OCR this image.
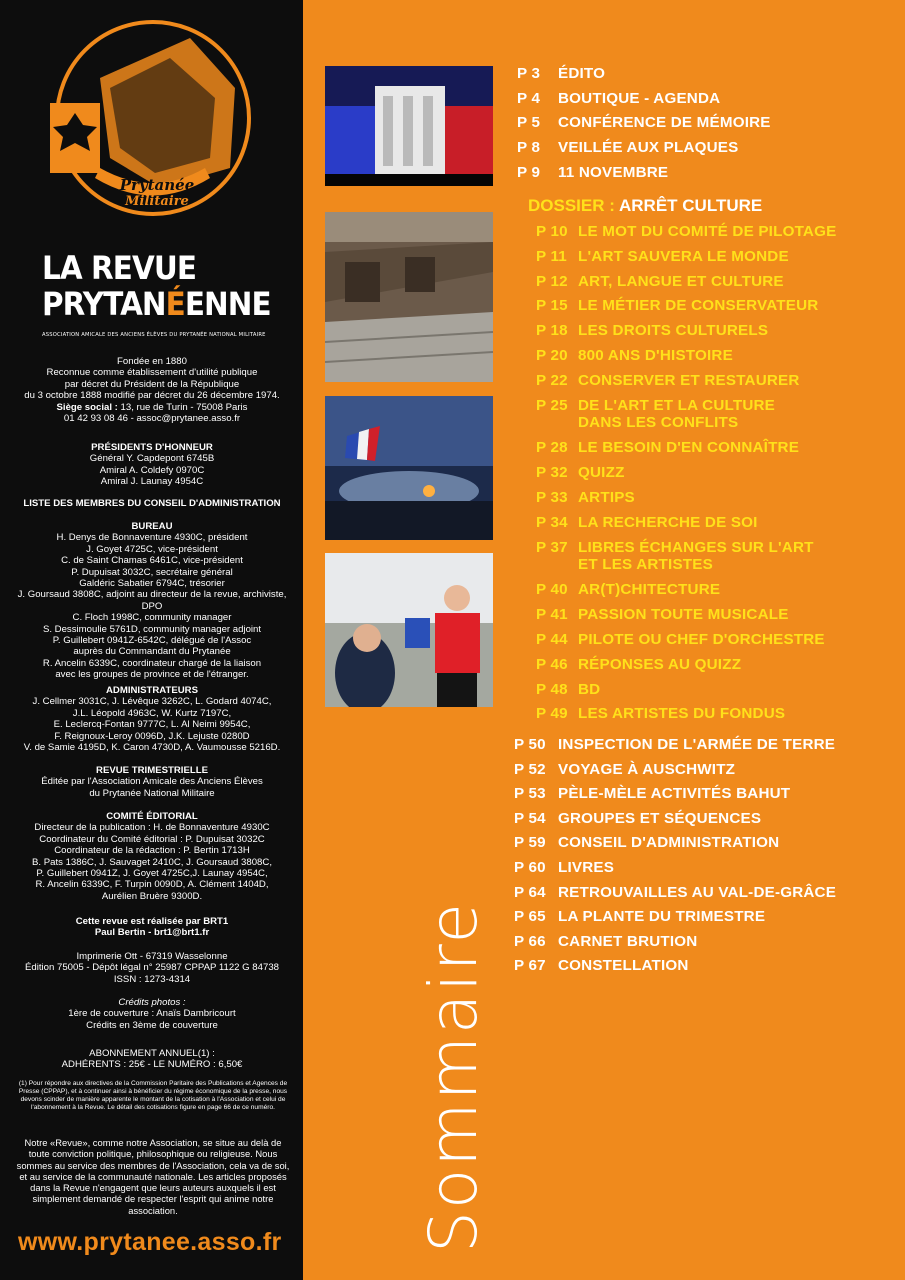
Prytanée
Militaire
LA REVUE
PRYTANÉENNE
ASSOCIATION AMICALE DES ANCIENS ÉLÈVES DU PRYTANÉE NATIONAL MILITAIRE

Fondée en 1880

Reconnue comme établissement d'utilité publique

par décret du Président de la République

du 3 octobre 1888 modifié par décret du 26 décembre 1974.

Siège social : 13, rue de Turin - 75008 Paris

01 42 93 08 46 - assoc@prytanee.asso.fr

PRÉSIDENTS D'HONNEUR

Général Y. Capdepont 6745B

Amiral A. Coldefy 0970C

Amiral J. Launay 4954C

LISTE DES MEMBRES DU CONSEIL D'ADMINISTRATION

BUREAU

H. Denys de Bonnaventure 4930C, président

J. Goyet 4725C, vice-président

C. de Saint Chamas 6461C, vice-président

P. Dupuisat 3032C, secrétaire général

Galdéric Sabatier 6794C, trésorier

J. Goursaud 3808C, adjoint au directeur de la revue, archiviste, DPO

C. Floch 1998C, community manager

S. Dessimoulie 5761D, community manager adjoint

P. Guillebert 0941Z-6542C, délégué de l'Assoc

auprès du Commandant du Prytanée

R. Ancelin 6339C, coordinateur chargé de la liaison

avec les groupes de province et de l'étranger.

ADMINISTRATEURS

J. Cellmer 3031C, J. Lévêque 3262C, L. Godard 4074C,

J.L. Léopold 4963C, W. Kurtz 7197C,

E. Leclercq-Fontan 9777C, L. Al Neimi 9954C,

F. Reignoux-Leroy 0096D, J.K. Lejuste 0280D

V. de Samie 4195D, K. Caron 4730D, A. Vaumousse 5216D.

REVUE TRIMESTRIELLE

Éditée par l'Association Amicale des Anciens Élèves

du Prytanée National Militaire

COMITÉ ÉDITORIAL

Directeur de la publication : H. de Bonnaventure 4930C

Coordinateur du Comité éditorial : P. Dupuisat 3032C

Coordinateur de la rédaction : P. Bertin 1713H

B. Pats 1386C, J. Sauvaget 2410C, J. Goursaud 3808C,

P. Guillebert 0941Z, J. Goyet 4725C,J. Launay 4954C,

R. Ancelin 6339C, F. Turpin 0090D, A. Clément 1404D,

Aurélien Bruère 9300D.

Cette revue est réalisée par BRT1

Paul Bertin - brt1@brt1.fr

Imprimerie Ott - 67319 Wasselonne

Édition 75005 - Dépôt légal n° 25987 CPPAP 1122 G 84738

ISSN : 1273-4314

Crédits photos :

1ère de couverture : Anaïs Dambricourt

Crédits en 3ème de couverture

ABONNEMENT ANNUEL(1) :

ADHÉRENTS : 25€ - LE NUMÉRO : 6,50€

(1) Pour répondre aux directives de la Commission Paritaire des Publications et Agences de Presse (CPPAP), et à continuer ainsi à bénéficier du régime économique de la presse, nous devons scinder de manière apparente le montant de la cotisation à l'Association et celui de l'abonnement à la Revue. Le détail des cotisations figure en page 66 de ce numéro.
Notre «Revue», comme notre Association, se situe au delà de toute conviction politique, philosophique ou religieuse. Nous sommes au service des membres de l'Association, cela va de soi, et au service de la communauté nationale. Les articles proposés dans la Revue n'engagent que leurs auteurs auxquels il est simplement demandé de respecter l'esprit qui anime notre association.
www.prytanee.asso.fr Sommaire
P 3 ÉDITO
P 4 BOUTIQUE - AGENDA
P 5 CONFÉRENCE DE MÉMOIRE
P 8 VEILLÉE AUX PLAQUES
P 9 11 NOVEMBRE
DOSSIER : ARRÊT CULTURE
P 10 LE MOT DU COMITÉ DE PILOTAGE
P 11 L'ART SAUVERA LE MONDE
P 12 ART, LANGUE ET CULTURE
P 15 LE MÉTIER DE CONSERVATEUR
P 18 LES DROITS CULTURELS
P 20 800 ANS D'HISTOIRE
P 22 CONSERVER ET RESTAURER
P 25 DE L'ART ET LA CULTURE
DANS LES CONFLITS
P 28 LE BESOIN D'EN CONNAÎTRE
P 32 QUIZZ
P 33 ARTIPS
P 34 LA RECHERCHE DE SOI
P 37 LIBRES ÉCHANGES SUR L'ART
ET LES ARTISTES
P 40 AR(T)CHITECTURE
P 41 PASSION TOUTE MUSICALE
P 44 PILOTE OU CHEF D'ORCHESTRE
P 46 RÉPONSES AU QUIZZ
P 48 BD
P 49 LES ARTISTES DU FONDUS
P 50 INSPECTION DE L'ARMÉE DE TERRE
P 52 VOYAGE À AUSCHWITZ
P 53 PÈLE-MÈLE ACTIVITÉS BAHUT
P 54 GROUPES ET SÉQUENCES
P 59 CONSEIL D'ADMINISTRATION
P 60 LIVRES
P 64 RETROUVAILLES AU VAL-DE-GRÂCE
P 65 LA PLANTE DU TRIMESTRE
P 66 CARNET BRUTION
P 67 CONSTELLATION
